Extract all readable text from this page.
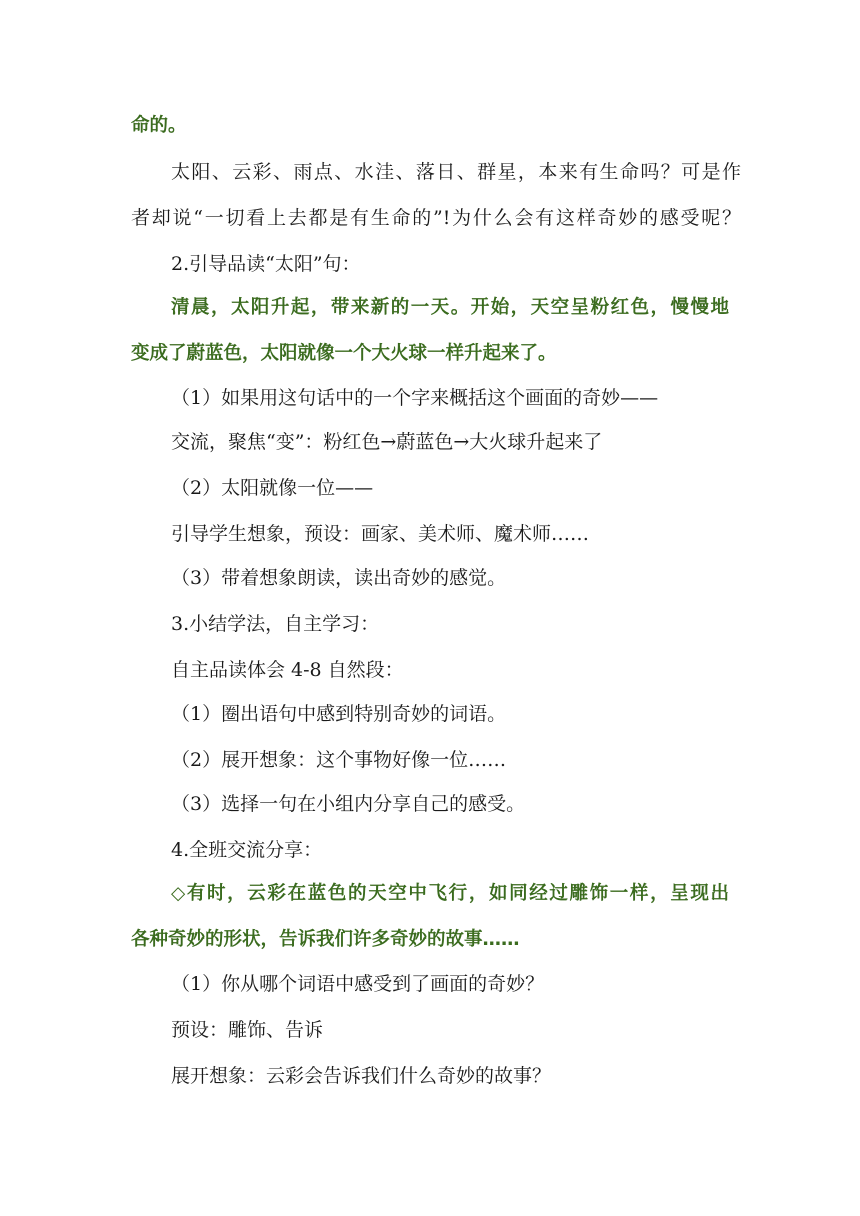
命的。
太阳、云彩、雨点、水洼、落日、群星，本来有生命吗？可是作
者却说“一切看上去都是有生命的”!为什么会有这样奇妙的感受呢？
2.引导品读“太阳”句：
清晨，太阳升起，带来新的一天。开始，天空呈粉红色，慢慢地
变成了蔚蓝色，太阳就像一个大火球一样升起来了。
（1）如果用这句话中的一个字来概括这个画面的奇妙——
交流，聚焦“变”：粉红色→蔚蓝色→大火球升起来了
（2）太阳就像一位——
引导学生想象，预设：画家、美术师、魔术师……
（3）带着想象朗读，读出奇妙的感觉。
3.小结学法，自主学习：
自主品读体会 4-8 自然段：
（1）圈出语句中感到特别奇妙的词语。
（2）展开想象：这个事物好像一位……
（3）选择一句在小组内分享自己的感受。
4.全班交流分享：
◇有时，云彩在蓝色的天空中飞行，如同经过雕饰一样，呈现出
各种奇妙的形状，告诉我们许多奇妙的故事……
（1）你从哪个词语中感受到了画面的奇妙？
预设：雕饰、告诉
展开想象：云彩会告诉我们什么奇妙的故事？
